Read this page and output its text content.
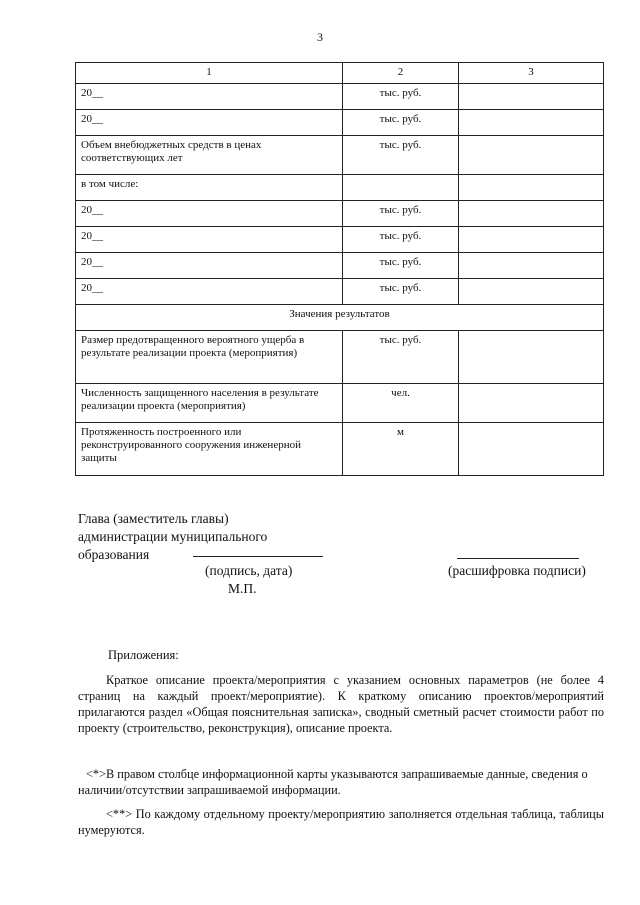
3
1	2	3
20__	тыс. руб.	
20__	тыс. руб.	
Объем внебюджетных средств в ценах соответствующих лет	тыс. руб.	
в том числе:		
20__	тыс. руб.	
20__	тыс. руб.	
20__	тыс. руб.	
20__	тыс. руб.	
Значения результатов		
Размер предотвращенного вероятного ущерба в результате реализации проекта (мероприятия)	тыс. руб.	
Численность защищенного населения в результате реализации проекта (мероприятия)	чел.	
Протяженность построенного или реконструированного сооружения инженерной защиты	м	
Глава (заместитель главы)
администрации муниципального
образования
(подпись, дата)	(расшифровка подписи)
М.П.
Приложения:
Краткое описание проекта/мероприятия с указанием основных параметров (не более 4 страниц на каждый проект/мероприятие). К краткому описанию проектов/мероприятий прилагаются раздел «Общая пояснительная записка», сводный сметный расчет стоимости работ по проекту (строительство, реконструкция), описание проекта.
<*>В правом столбце информационной карты указываются запрашиваемые данные, сведения о наличии/отсутствии запрашиваемой информации.
<**> По каждому отдельному проекту/мероприятию заполняется отдельная таблица, таблицы нумеруются.
